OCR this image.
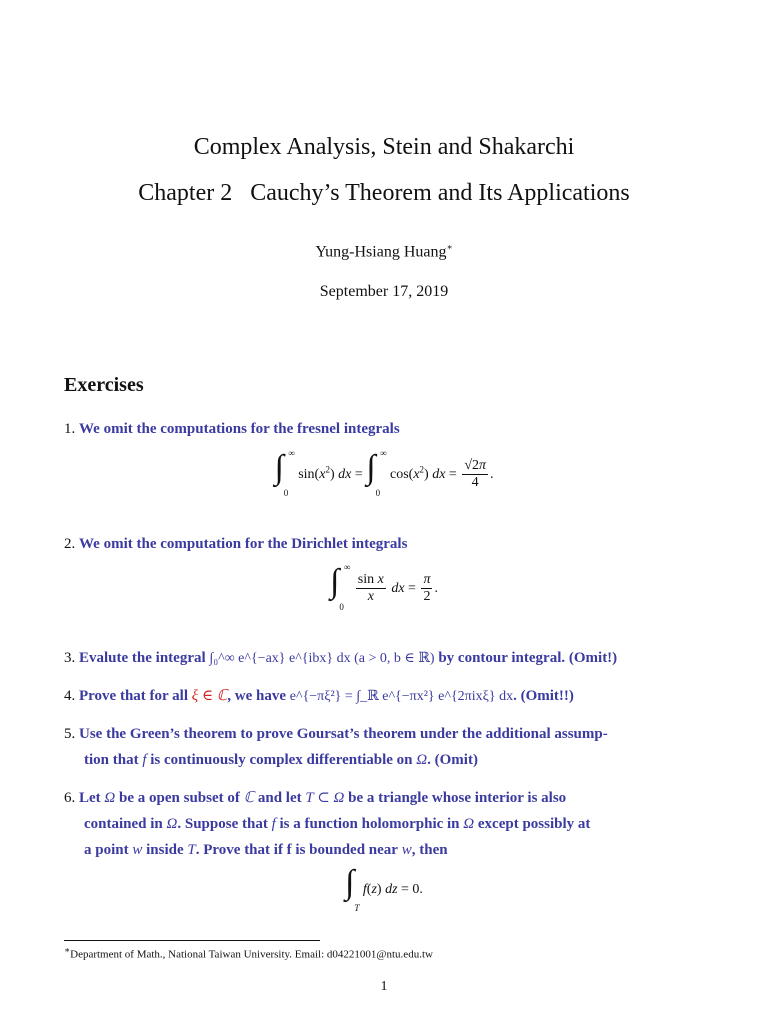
Complex Analysis, Stein and Shakarchi
Chapter 2   Cauchy’s Theorem and Its Applications
Yung-Hsiang Huang∗
September 17, 2019
Exercises
1. We omit the computations for the fresnel integrals
$\int_0^\infty$ $\sin(x^2)$ dx = $\int_0^\infty$ $\cos(x^2)$ dx = $\frac{√2\pi}{4}$ .
2. We omit the computation for the Dirichlet integrals
$\int_0^\infty$
$\frac{\text{sin x}}{x}$ dx = $\frac{\pi}{2}$ .
3. Evalute the integral ∫₀^∞ e^{−ax} e^{ibx} dx (a > 0, b ∈ ℝ) by contour integral. (Omit!)
4. Prove that for all ξ ∈ ℂ, we have e^{−πξ²} = ∫_ℝ e^{−πx²} e^{2πixξ} dx. (Omit!!)
5. Use the Green’s theorem to prove Goursat’s theorem under the additional assump-
tion that f is continuously complex differentiable on Ω. (Omit)
6. Let Ω be a open subset of ℂ and let T ⊂ Ω be a triangle whose interior is also
contained in Ω. Suppose that f is a function holomorphic in Ω except possibly at
a point w inside T. Prove that if f is bounded near w, then
$\int_T$ f(z) dz = 0.
∗Department of Math., National Taiwan University. Email: d04221001@ntu.edu.tw
1
